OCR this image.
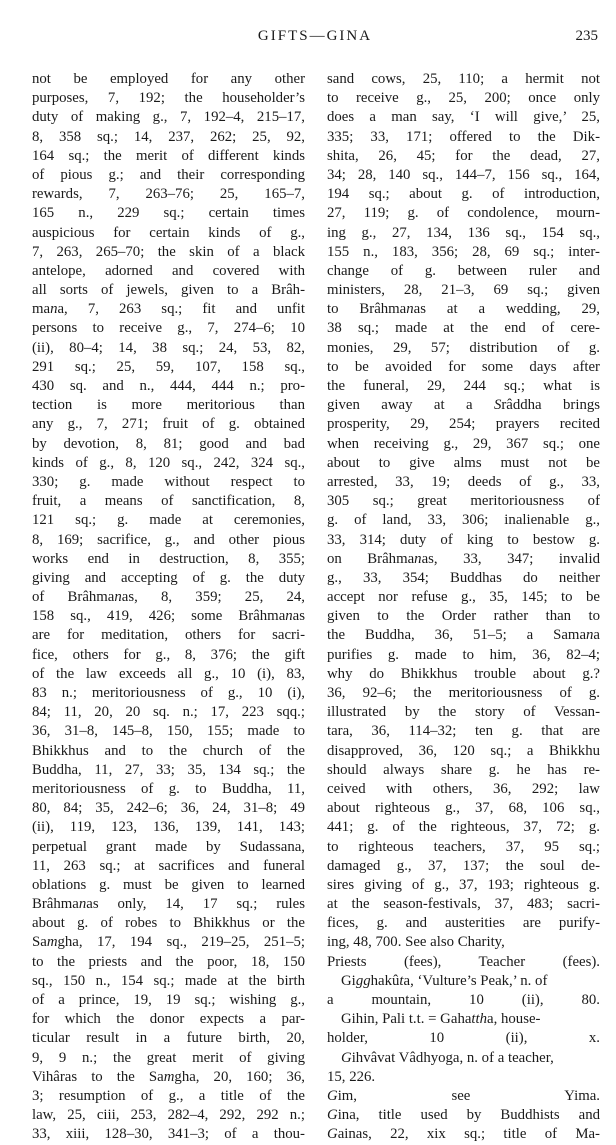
GIFTS—GINA	235
not be employed for any other
purposes, 7, 192; the householder’s
duty of making g., 7, 192–4, 215–17,
8, 358 sq.; 14, 237, 262; 25, 92,
164 sq.; the merit of different kinds
of pious g.; and their corresponding
rewards, 7, 263–76; 25, 165–7,
165 n., 229 sq.; certain times
auspicious for certain kinds of g.,
7, 263, 265–70; the skin of a black
antelope, adorned and covered with
all sorts of jewels, given to a Brâh-
mana, 7, 263 sq.; fit and unfit
persons to receive g., 7, 274–6; 10
(ii), 80–4; 14, 38 sq.; 24, 53, 82,
291 sq.; 25, 59, 107, 158 sq.,
430 sq. and n., 444, 444 n.; pro-
tection is more meritorious than
any g., 7, 271; fruit of g. obtained
by devotion, 8, 81; good and bad
kinds of g., 8, 120 sq., 242, 324 sq.,
330; g. made without respect to
fruit, a means of sanctification, 8,
121 sq.; g. made at ceremonies,
8, 169; sacrifice, g., and other pious
works end in destruction, 8, 355;
giving and accepting of g. the duty
of Brâhmanas, 8, 359; 25, 24,
158 sq., 419, 426; some Brâhmanas
are for meditation, others for sacri-
fice, others for g., 8, 376; the gift
of the law exceeds all g., 10 (i), 83,
83 n.; meritoriousness of g., 10 (i),
84; 11, 20, 20 sq. n.; 17, 223 sqq.;
36, 31–8, 145–8, 150, 155; made to
Bhikkhus and to the church of the
Buddha, 11, 27, 33; 35, 134 sq.; the
meritoriousness of g. to Buddha, 11,
80, 84; 35, 242–6; 36, 24, 31–8; 49
(ii), 119, 123, 136, 139, 141, 143;
perpetual grant made by Sudassana,
11, 263 sq.; at sacrifices and funeral
oblations g. must be given to learned
Brâhmanas only, 14, 17 sq.; rules
about g. of robes to Bhikkhus or the
Samgha, 17, 194 sq., 219–25, 251–5;
to the priests and the poor, 18, 150
sq., 150 n., 154 sq.; made at the birth
of a prince, 19, 19 sq.; wishing g.,
for which the donor expects a par-
ticular result in a future birth, 20,
9, 9 n.; the great merit of giving
Vihâras to the Samgha, 20, 160; 36,
3; resumption of g., a title of the
law, 25, ciii, 253, 282–4, 292, 292 n.;
33, xiii, 128–30, 341–3; of a thou-
sand cows, 25, 110; a hermit not
to receive g., 25, 200; once only
does a man say, ‘I will give,’ 25,
335; 33, 171; offered to the Dik-
shita, 26, 45; for the dead, 27,
34; 28, 140 sq., 144–7, 156 sq., 164,
194 sq.; about g. of introduction,
27, 119; g. of condolence, mourn-
ing g., 27, 134, 136 sq., 154 sq.,
155 n., 183, 356; 28, 69 sq.; inter-
change of g. between ruler and
ministers, 28, 21–3, 69 sq.; given
to Brâhmanas at a wedding, 29,
38 sq.; made at the end of cere-
monies, 29, 57; distribution of g.
to be avoided for some days after
the funeral, 29, 244 sq.; what is
given away at a Srâddha brings
prosperity, 29, 254; prayers recited
when receiving g., 29, 367 sq.; one
about to give alms must not be
arrested, 33, 19; deeds of g., 33,
305 sq.; great meritoriousness of
g. of land, 33, 306; inalienable g.,
33, 314; duty of king to bestow g.
on Brâhmanas, 33, 347; invalid
g., 33, 354; Buddhas do neither
accept nor refuse g., 35, 145; to be
given to the Order rather than to
the Buddha, 36, 51–5; a Samana
purifies g. made to him, 36, 82–4;
why do Bhikkhus trouble about g.?
36, 92–6; the meritoriousness of g.
illustrated by the story of Vessan-
tara, 36, 114–32; ten g. that are
disapproved, 36, 120 sq.; a Bhikkhu
should always share g. he has re-
ceived with others, 36, 292; law
about righteous g., 37, 68, 106 sq.,
441; g. of the righteous, 37, 72; g.
to righteous teachers, 37, 95 sq.;
damaged g., 37, 137; the soul de-
sires giving of g., 37, 193; righteous g.
at the season-festivals, 37, 483; sacri-
fices, g. and austerities are purify-
ing, 48, 700. See also Charity,
Priests (fees), Teacher (fees).
Gigghakûta, ‘Vulture’s Peak,’ n. of
a mountain, 10 (ii), 80.
Gihin, Pali t.t. = Gahattha, house-
holder, 10 (ii), x.
Gihvâvat Vâdhyoga, n. of a teacher,
15, 226.
Gim, see Yima.
Gina, title used by Buddhists and
Gainas, 22, xix sq.; title of Ma-
